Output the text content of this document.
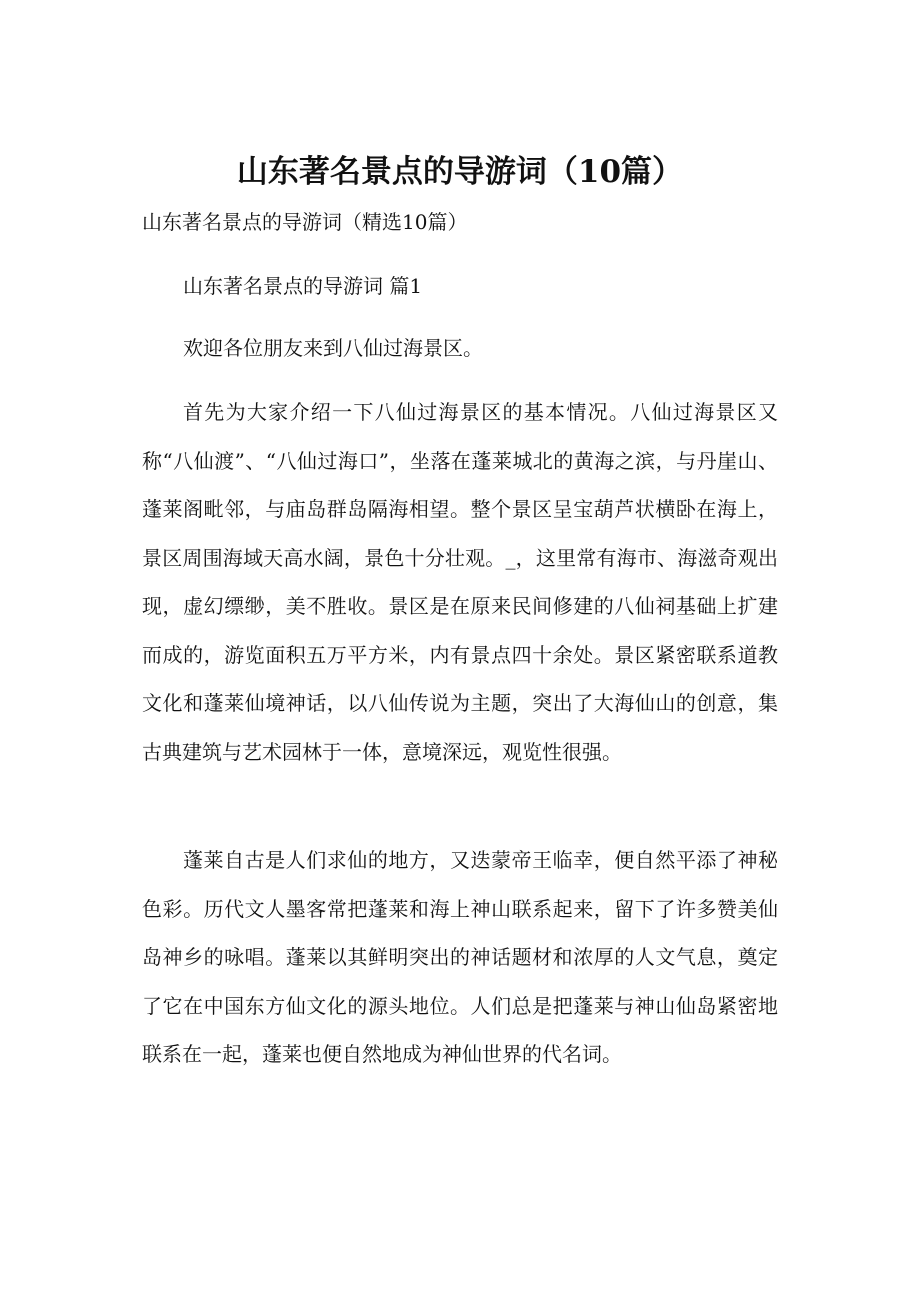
山东著名景点的导游词（10篇）

山东著名景点的导游词（精选10篇）

山东著名景点的导游词 篇1

欢迎各位朋友来到八仙过海景区。

首先为大家介绍一下八仙过海景区的基本情况。八仙过海景区又称“八仙渡”、“八仙过海口”，坐落在蓬莱城北的黄海之滨，与丹崖山、蓬莱阁毗邻，与庙岛群岛隔海相望。整个景区呈宝葫芦状横卧在海上，景区周围海域天高水阔，景色十分壮观。_，这里常有海市、海滋奇观出现，虚幻缥缈，美不胜收。景区是在原来民间修建的八仙祠基础上扩建而成的，游览面积五万平方米，内有景点四十余处。景区紧密联系道教文化和蓬莱仙境神话，以八仙传说为主题，突出了大海仙山的创意，集古典建筑与艺术园林于一体，意境深远，观览性很强。

蓬莱自古是人们求仙的地方，又迭蒙帝王临幸，便自然平添了神秘色彩。历代文人墨客常把蓬莱和海上神山联系起来，留下了许多赞美仙岛神乡的咏唱。蓬莱以其鲜明突出的神话题材和浓厚的人文气息，奠定了它在中国东方仙文化的源头地位。人们总是把蓬莱与神山仙岛紧密地联系在一起，蓬莱也便自然地成为神仙世界的代名词。
